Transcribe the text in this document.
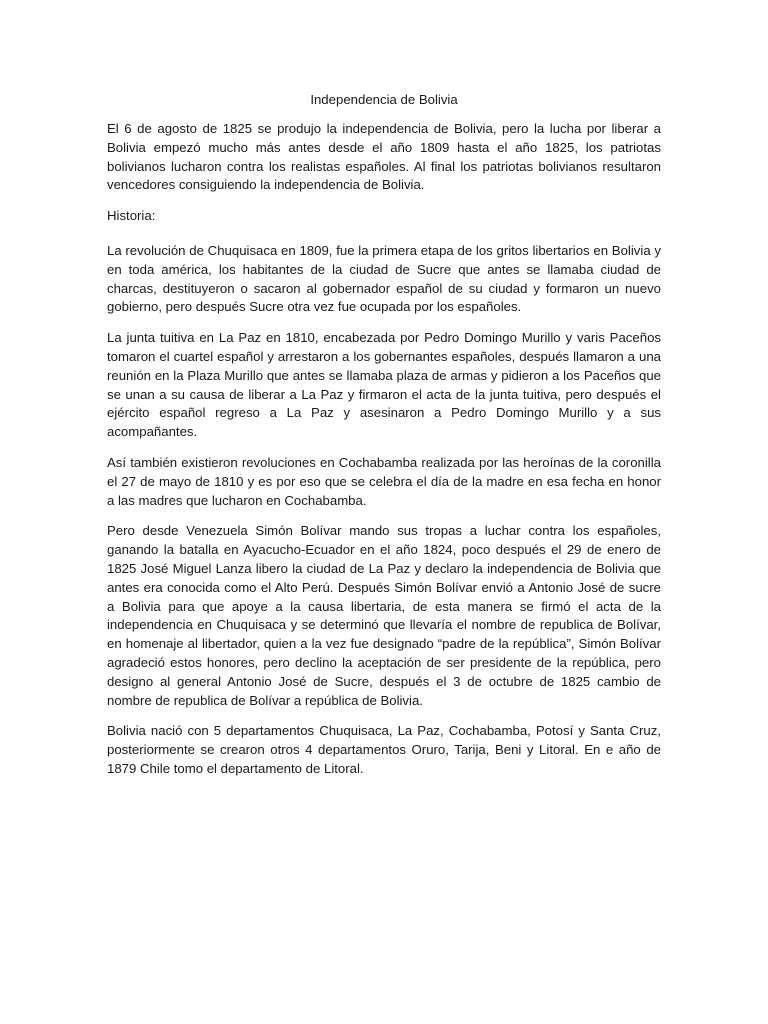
Independencia de Bolivia

El 6 de agosto de 1825 se produjo la independencia de Bolivia, pero la lucha por liberar a Bolivia empezó mucho más antes desde el año 1809 hasta el año 1825, los patriotas bolivianos lucharon contra los realistas españoles. Al final los patriotas bolivianos resultaron vencedores consiguiendo la independencia de Bolivia.

Historia:

La revolución de Chuquisaca en 1809, fue la primera etapa de los gritos libertarios en Bolivia y en toda américa, los habitantes de la ciudad de Sucre que antes se llamaba ciudad de charcas, destituyeron o sacaron al gobernador español de su ciudad y formaron un nuevo gobierno, pero después Sucre otra vez fue ocupada por los españoles.

La junta tuitiva en La Paz en 1810, encabezada por Pedro Domingo Murillo y varis Paceños tomaron el cuartel español y arrestaron a los gobernantes españoles, después llamaron a una reunión en la Plaza Murillo que antes se llamaba plaza de armas y pidieron a los Paceños que se unan a su causa de liberar a La Paz y firmaron el acta de la junta tuitiva, pero después el ejército español regreso a La Paz y asesinaron a Pedro Domingo Murillo y a sus acompañantes.

Así también existieron revoluciones en Cochabamba realizada por las heroínas de la coronilla el 27 de mayo de 1810 y es por eso que se celebra el día de la madre en esa fecha en honor a las madres que lucharon en Cochabamba.

Pero desde Venezuela Simón Bolívar mando sus tropas a luchar contra los españoles, ganando la batalla en Ayacucho-Ecuador en el año 1824, poco después el 29 de enero de 1825 José Miguel Lanza libero la ciudad de La Paz y declaro la independencia de Bolivia que antes era conocida como el Alto Perú. Después Simón Bolívar envió a Antonio José de sucre a Bolivia para que apoye a la causa libertaria, de esta manera se firmó el acta de la independencia en Chuquisaca y se determinó que llevaría el nombre de republica de Bolívar, en homenaje al libertador, quien a la vez fue designado “padre de la república”, Simón Bolívar agradeció estos honores, pero declino la aceptación de ser presidente de la república, pero designo al general Antonio José de Sucre, después el 3 de octubre de 1825 cambio de nombre de republica de Bolívar a república de Bolivia.

Bolivia nació con 5 departamentos Chuquisaca, La Paz, Cochabamba, Potosí y Santa Cruz, posteriormente se crearon otros 4 departamentos Oruro, Tarija, Beni y Litoral. En e año de 1879 Chile tomo el departamento de Litoral.
